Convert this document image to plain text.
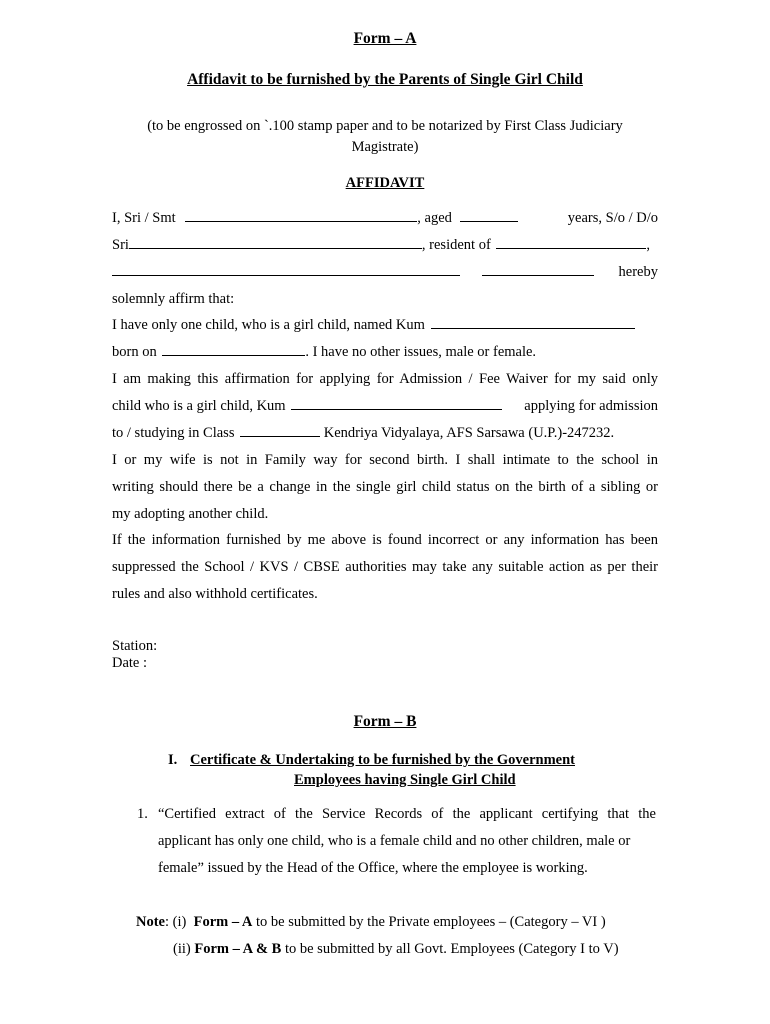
Form – A
Affidavit to be furnished by the Parents of Single Girl Child
(to be engrossed on `.100 stamp paper and to be notarized by First Class Judiciary
Magistrate)
AFFIDAVIT
I, Sri / Smt	, aged	years, S/o / D/o
Sri	, resident of	,

hereby
solemnly affirm that:
I have only one child, who is a girl child, named Kum
born on	. I have no other issues, male or female.
I am making this affirmation for applying for Admission / Fee Waiver for my said only
child who is a girl child, Kum	applying for admission
to / studying in Class	Kendriya Vidyalaya, AFS Sarsawa (U.P.)-247232.
I or my wife is not in Family way for second birth. I shall intimate to the school in
writing should there be a change in the single girl child status on the birth of a sibling or
my adopting another child.
If the information furnished by me above is found incorrect or any information has been
suppressed the School / KVS / CBSE authorities may take any suitable action as per their
rules and also withhold certificates.
Station:
Date :
Form – B
I. Certificate & Undertaking to be furnished by the Government
Employees having Single Girl Child
1. “Certified extract of the Service Records of the applicant certifying that the
applicant has only one child, who is a female child and no other children, male or
female” issued by the Head of the Office, where the employee is working.
Note: (i)  Form – A to be submitted by the Private employees – (Category – VI )
(ii) Form – A & B to be submitted by all Govt. Employees (Category I to V)
